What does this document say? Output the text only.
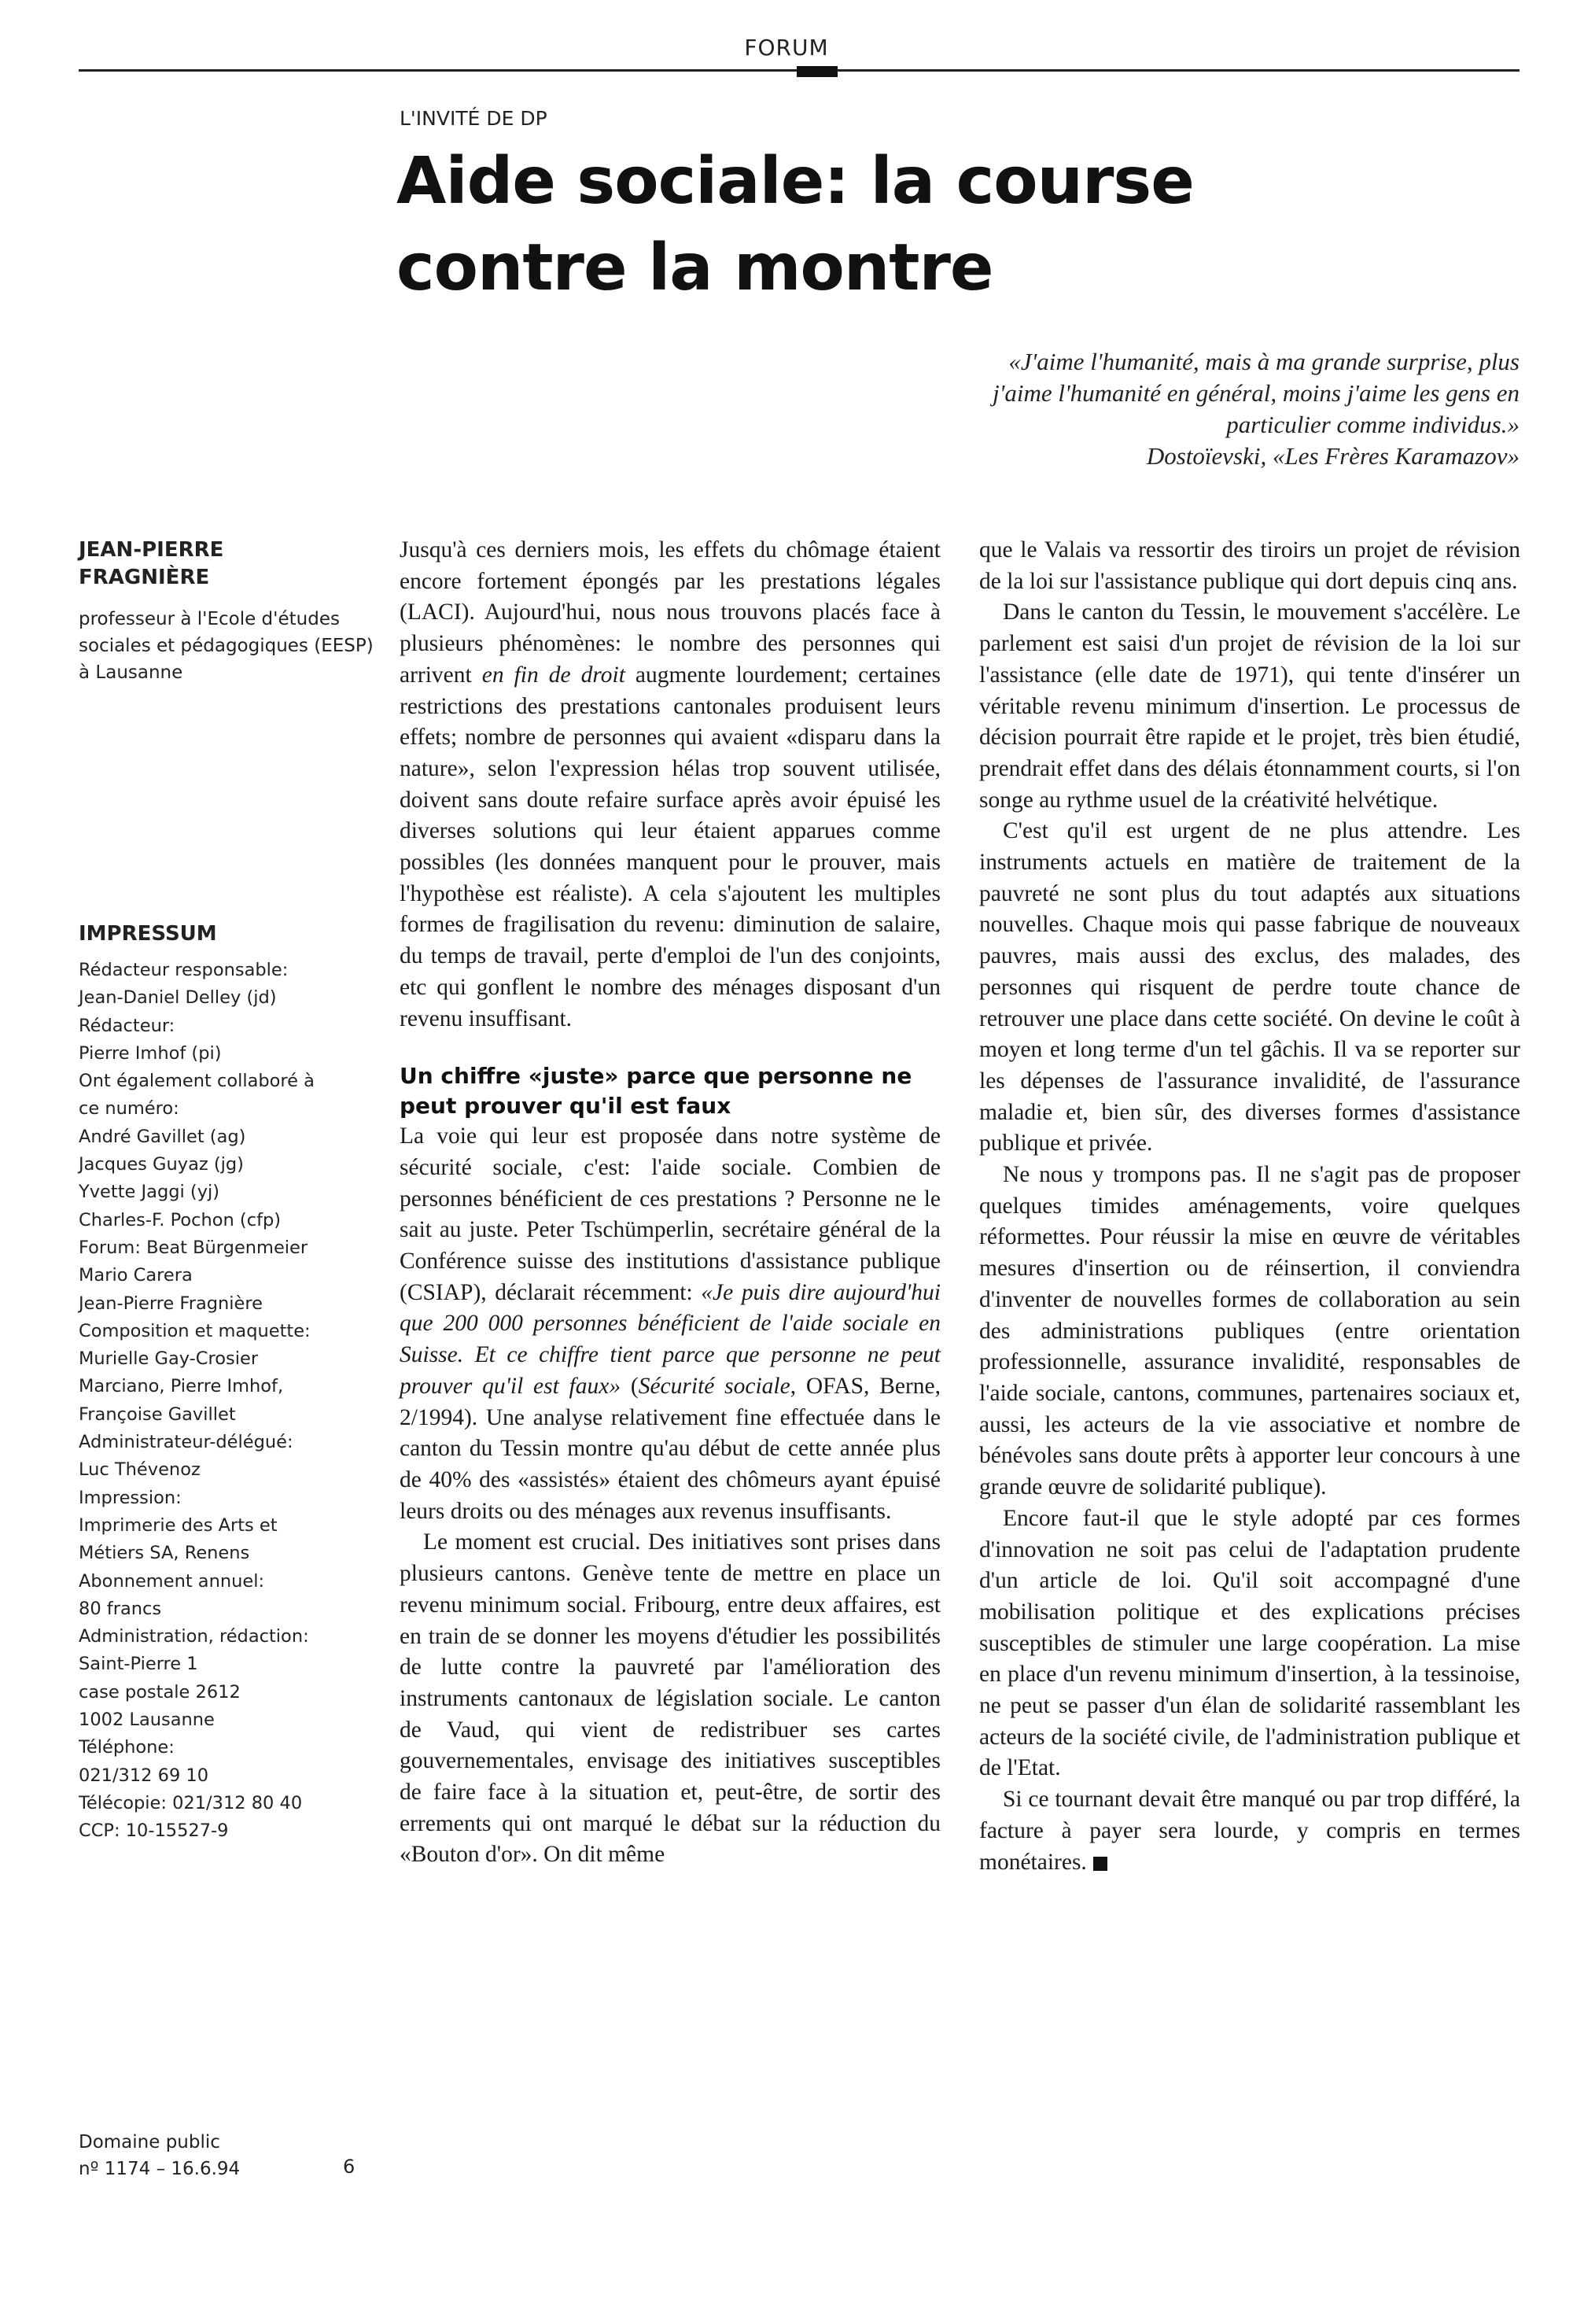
FORUM
L'INVITÉ DE DP
Aide sociale: la course contre la montre

«J'aime l'humanité, mais à ma grande surprise, plus

j'aime l'humanité en général, moins j'aime les gens en

particulier comme individus.»

Dostoïevski, «Les Frères Karamazov»

JEAN-PIERRE

FRAGNIÈRE

professeur à l'Ecole d'études sociales et pédagogiques (EESP) à Lausanne
IMPRESSUM
Rédacteur responsable:
Jean-Daniel Delley (jd)
Rédacteur:
Pierre Imhof (pi)
Ont également collaboré à
ce numéro:
André Gavillet (ag)
Jacques Guyaz (jg)
Yvette Jaggi (yj)
Charles-F. Pochon (cfp)
Forum: Beat Bürgenmeier
Mario Carera
Jean-Pierre Fragnière
Composition et maquette:
Murielle Gay-Crosier
Marciano, Pierre Imhof,
Françoise Gavillet
Administrateur-délégué:
Luc Thévenoz
Impression:
Imprimerie des Arts et
Métiers SA, Renens
Abonnement annuel:
80 francs
Administration, rédaction:
Saint-Pierre 1
case postale 2612
1002 Lausanne
Téléphone:
021/312 69 10
Télécopie: 021/312 80 40
CCP: 10-15527-9
Domaine public
nº 1174 – 16.6.94	6

Jusqu'à ces derniers mois, les effets du chômage étaient encore fortement épongés par les prestations légales (LACI). Aujourd'hui, nous nous trouvons placés face à plusieurs phénomènes: le nombre des personnes qui arrivent en fin de droit augmente lourdement; certaines restrictions des prestations cantonales produisent leurs effets; nombre de personnes qui avaient «disparu dans la nature», selon l'expression hélas trop souvent utilisée, doivent sans doute refaire surface après avoir épuisé les diverses solutions qui leur étaient apparues comme possibles (les données manquent pour le prouver, mais l'hypothèse est réaliste). A cela s'ajoutent les multiples formes de fragilisation du revenu: diminution de salaire, du temps de travail, perte d'emploi de l'un des conjoints, etc qui gonflent le nombre des ménages disposant d'un revenu insuffisant.

Un chiffre «juste» parce que personne ne peut prouver qu'il est faux

La voie qui leur est proposée dans notre système de sécurité sociale, c'est: l'aide sociale. Combien de personnes bénéficient de ces prestations ? Personne ne le sait au juste. Peter Tschümperlin, secrétaire général de la Conférence suisse des institutions d'assistance publique (CSIAP), déclarait récemment: «Je puis dire aujourd'hui que 200 000 personnes bénéficient de l'aide sociale en Suisse. Et ce chiffre tient parce que personne ne peut prouver qu'il est faux» (Sécurité sociale, OFAS, Berne, 2/1994). Une analyse relativement fine effectuée dans le canton du Tessin montre qu'au début de cette année plus de 40% des «assistés» étaient des chômeurs ayant épuisé leurs droits ou des ménages aux revenus insuffisants.

Le moment est crucial. Des initiatives sont prises dans plusieurs cantons. Genève tente de mettre en place un revenu minimum social. Fribourg, entre deux affaires, est en train de se donner les moyens d'étudier les possibilités de lutte contre la pauvreté par l'amélioration des instruments cantonaux de législation sociale. Le canton de Vaud, qui vient de redistribuer ses cartes gouvernementales, envisage des initiatives susceptibles de faire face à la situation et, peut-être, de sortir des errements qui ont marqué le débat sur la réduction du «Bouton d'or». On dit même

que le Valais va ressortir des tiroirs un projet de révision de la loi sur l'assistance publique qui dort depuis cinq ans.

Dans le canton du Tessin, le mouvement s'accélère. Le parlement est saisi d'un projet de révision de la loi sur l'assistance (elle date de 1971), qui tente d'insérer un véritable revenu minimum d'insertion. Le processus de décision pourrait être rapide et le projet, très bien étudié, prendrait effet dans des délais étonnamment courts, si l'on songe au rythme usuel de la créativité helvétique.

C'est qu'il est urgent de ne plus attendre. Les instruments actuels en matière de traitement de la pauvreté ne sont plus du tout adaptés aux situations nouvelles. Chaque mois qui passe fabrique de nouveaux pauvres, mais aussi des exclus, des malades, des personnes qui risquent de perdre toute chance de retrouver une place dans cette société. On devine le coût à moyen et long terme d'un tel gâchis. Il va se reporter sur les dépenses de l'assurance invalidité, de l'assurance maladie et, bien sûr, des diverses formes d'assistance publique et privée.

Ne nous y trompons pas. Il ne s'agit pas de proposer quelques timides aménagements, voire quelques réformettes. Pour réussir la mise en œuvre de véritables mesures d'insertion ou de réinsertion, il conviendra d'inventer de nouvelles formes de collaboration au sein des administrations publiques (entre orientation professionnelle, assurance invalidité, responsables de l'aide sociale, cantons, communes, partenaires sociaux et, aussi, les acteurs de la vie associative et nombre de bénévoles sans doute prêts à apporter leur concours à une grande œuvre de solidarité publique).

Encore faut-il que le style adopté par ces formes d'innovation ne soit pas celui de l'adaptation prudente d'un article de loi. Qu'il soit accompagné d'une mobilisation politique et des explications précises susceptibles de stimuler une large coopération. La mise en place d'un revenu minimum d'insertion, à la tessinoise, ne peut se passer d'un élan de solidarité rassemblant les acteurs de la société civile, de l'administration publique et de l'Etat.

Si ce tournant devait être manqué ou par trop différé, la facture à payer sera lourde, y compris en termes monétaires.
